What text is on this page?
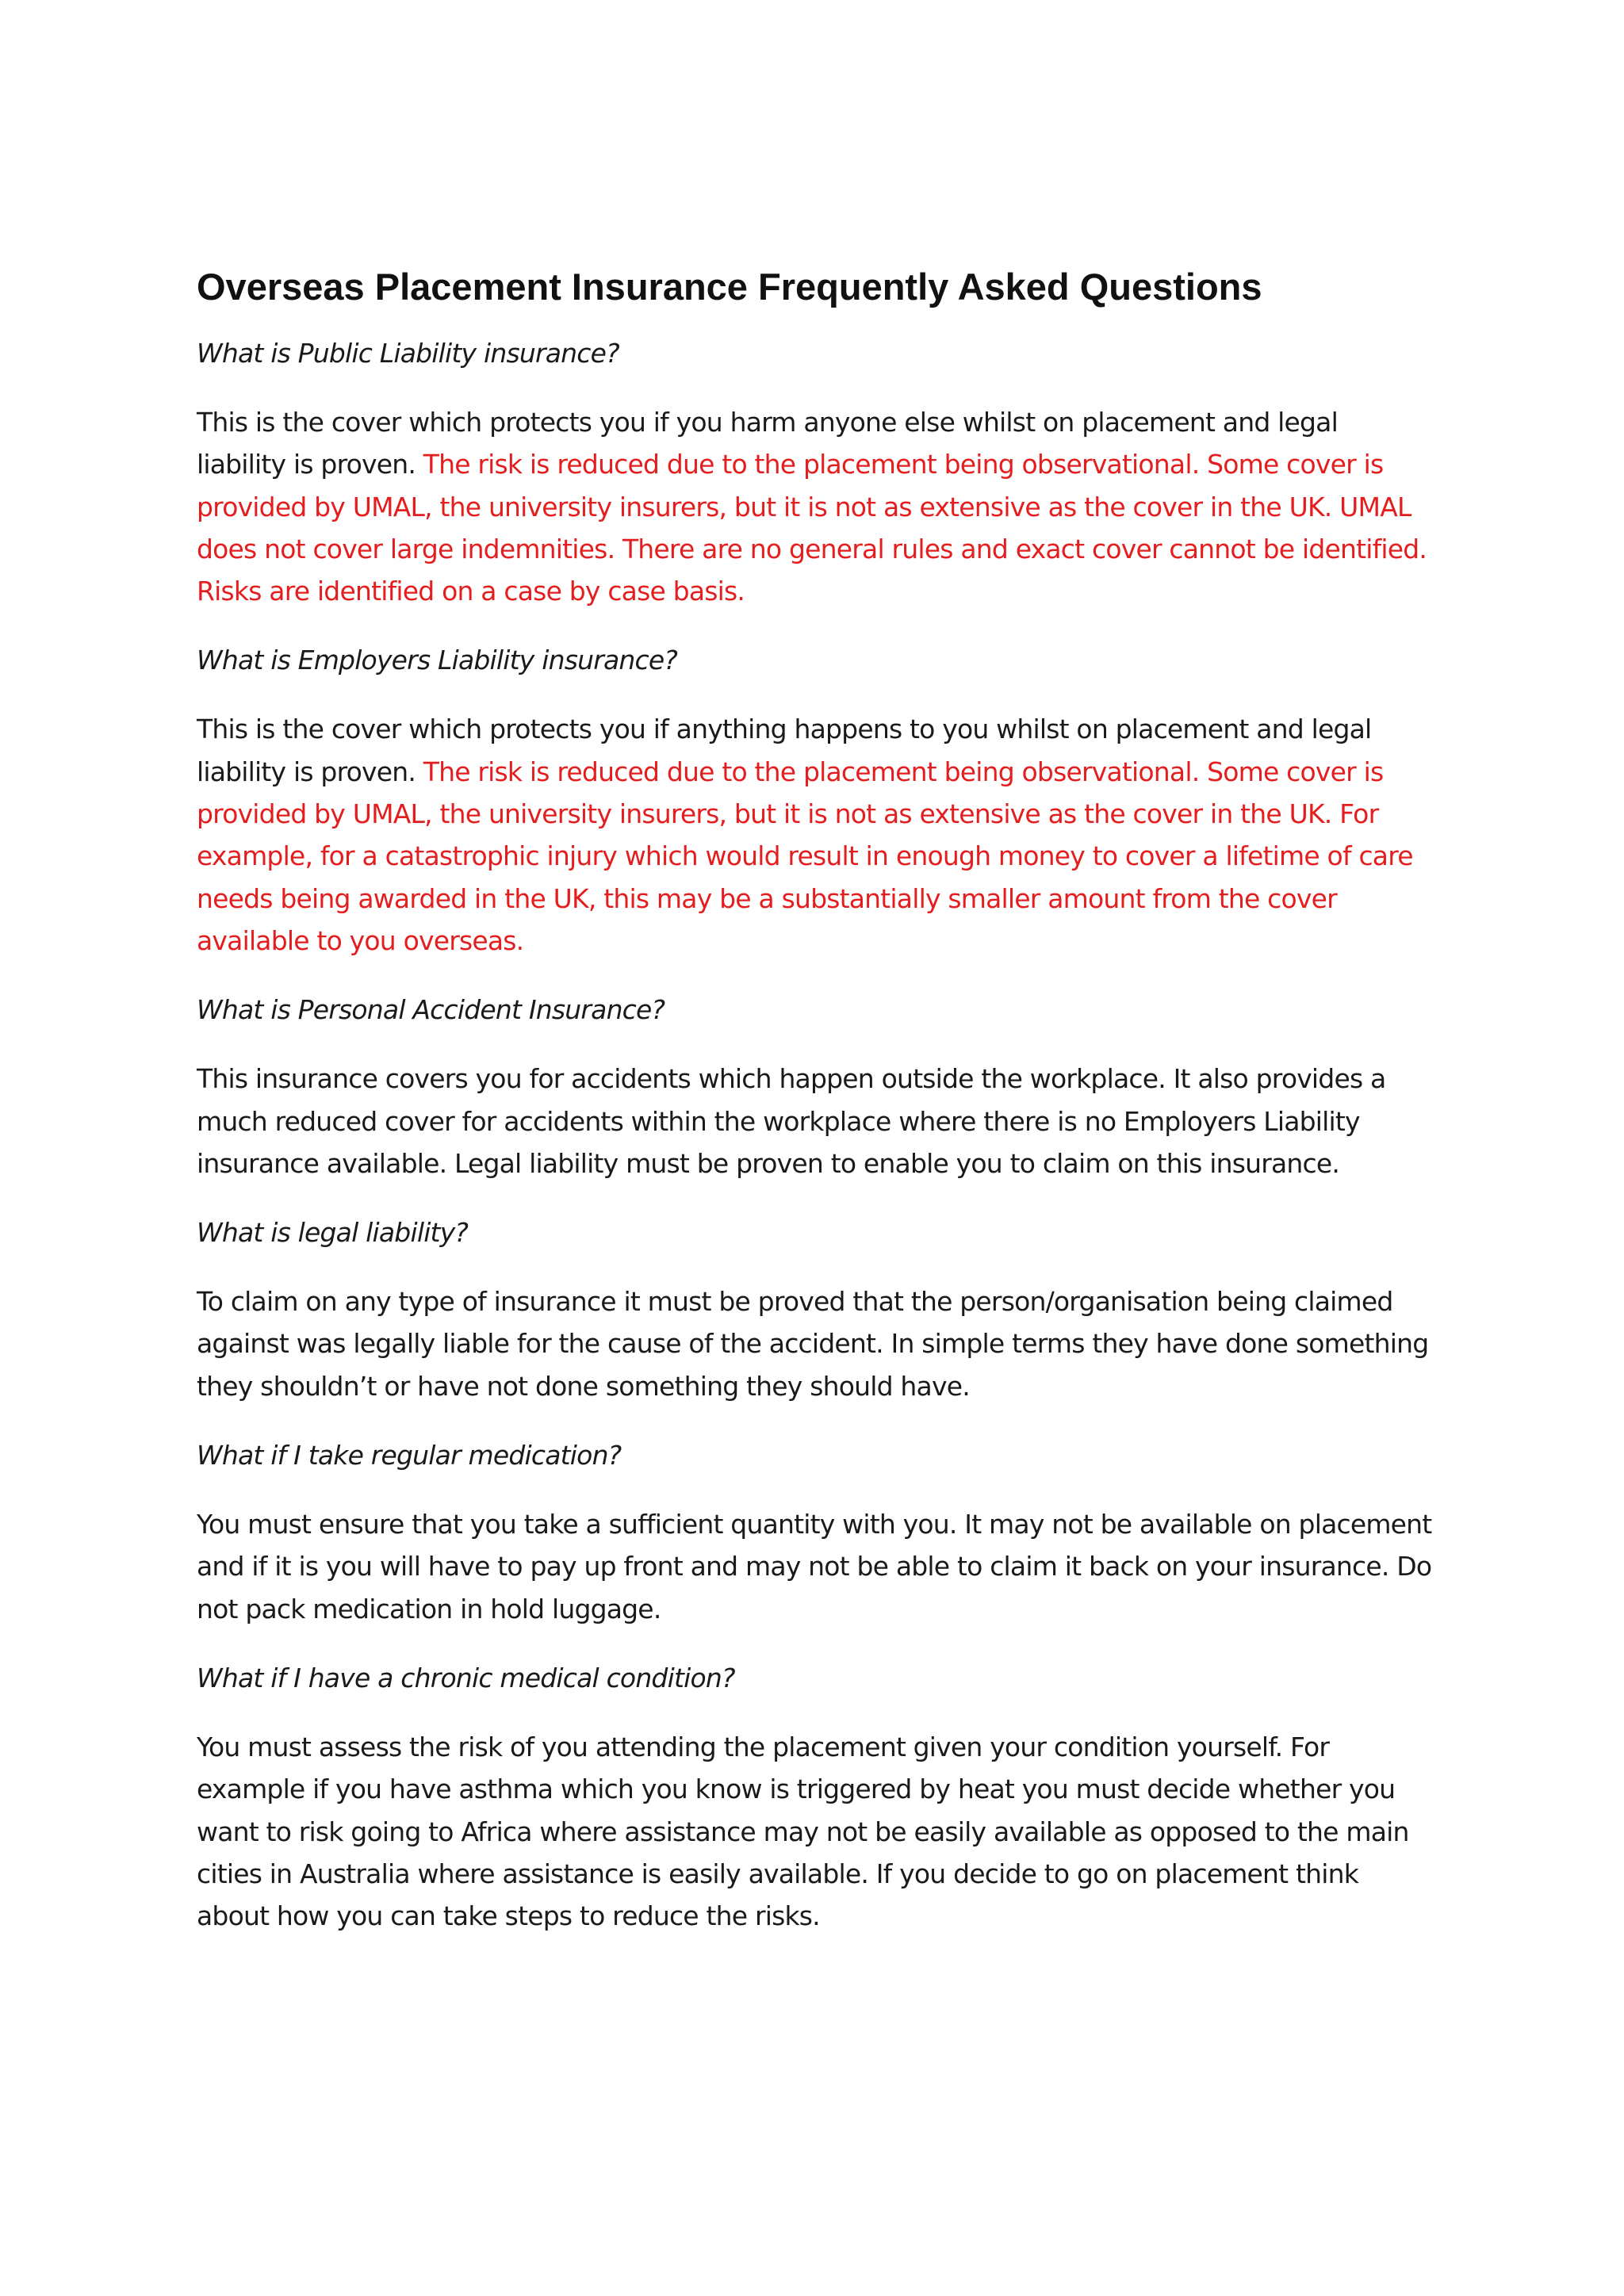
Overseas Placement Insurance Frequently Asked Questions

What is Public Liability insurance?

This is the cover which protects you if you harm anyone else whilst on placement and legal liability is proven. The risk is reduced due to the placement being observational. Some cover is provided by UMAL, the university insurers, but it is not as extensive as the cover in the UK. UMAL does not cover large indemnities. There are no general rules and exact cover cannot be identified. Risks are identified on a case by case basis.

What is Employers Liability insurance?

This is the cover which protects you if anything happens to you whilst on placement and legal liability is proven. The risk is reduced due to the placement being observational. Some cover is provided by UMAL, the university insurers, but it is not as extensive as the cover in the UK. For example, for a catastrophic injury which would result in enough money to cover a lifetime of care needs being awarded in the UK, this may be a substantially smaller amount from the cover available to you overseas.

What is Personal Accident Insurance?

This insurance covers you for accidents which happen outside the workplace. It also provides a much reduced cover for accidents within the workplace where there is no Employers Liability insurance available. Legal liability must be proven to enable you to claim on this insurance.

What is legal liability?

To claim on any type of insurance it must be proved that the person/organisation being claimed against was legally liable for the cause of the accident. In simple terms they have done something they shouldn’t or have not done something they should have.

What if I take regular medication?

You must ensure that you take a sufficient quantity with you. It may not be available on placement and if it is you will have to pay up front and may not be able to claim it back on your insurance. Do not pack medication in hold luggage.

What if I have a chronic medical condition?

You must assess the risk of you attending the placement given your condition yourself. For example if you have asthma which you know is triggered by heat you must decide whether you want to risk going to Africa where assistance may not be easily available as opposed to the main cities in Australia where assistance is easily available. If you decide to go on placement think about how you can take steps to reduce the risks.
